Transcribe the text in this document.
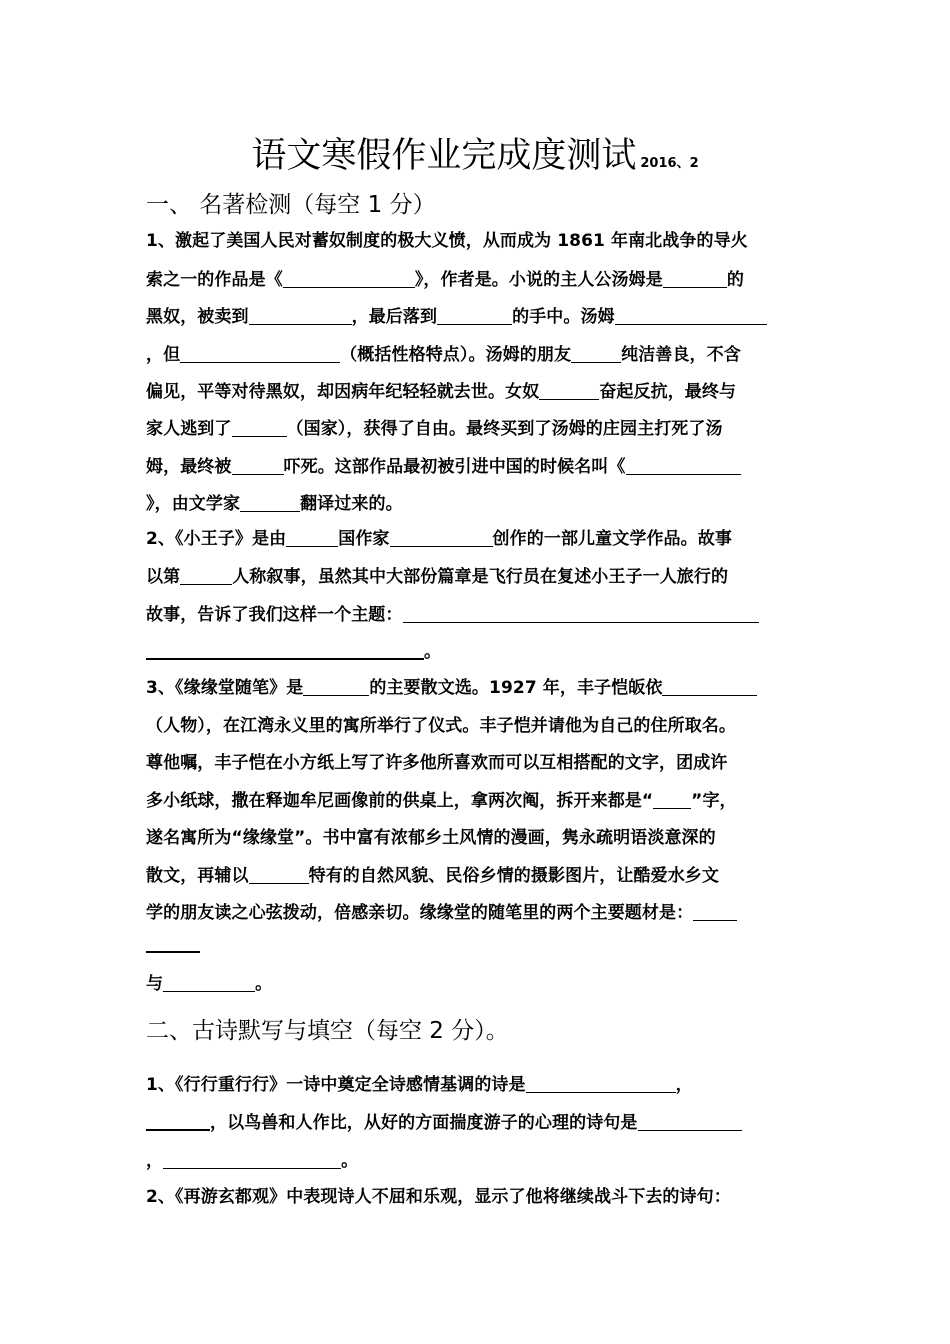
语文寒假作业完成度测试 2016、2
一、 名著检测（每空 1 分）
1、激起了美国人民对蓄奴制度的极大义愤，从而成为 1861 年南北战争的导火
索之一的作品是《	》，作者是。小说的主人公汤姆是	的
黑奴，被卖到	，最后落到	的手中。汤姆
，但	（概括性格特点）。汤姆的朋友	纯洁善良，不含
偏见，平等对待黑奴，却因病年纪轻轻就去世。女奴	奋起反抗，最终与
家人逃到了	（国家），获得了自由。最终买到了汤姆的庄园主打死了汤
姆，最终被	吓死。这部作品最初被引进中国的时候名叫《
》，由文学家	翻译过来的。
2、《小王子》是由	国作家	创作的一部儿童文学作品。故事
以第	人称叙事，虽然其中大部份篇章是飞行员在复述小王子一人旅行的
故事，告诉了我们这样一个主题：
。
3、《缘缘堂随笔》是	的主要散文选。1927 年，丰子恺皈依
（人物），在江湾永义里的寓所举行了仪式。丰子恺并请他为自己的住所取名。
尊他嘱，丰子恺在小方纸上写了许多他所喜欢而可以互相搭配的文字，团成许
多小纸球，撒在释迦牟尼画像前的供桌上，拿两次阄，拆开来都是“ ”字，
遂名寓所为“缘缘堂”。书中富有浓郁乡土风情的漫画，隽永疏明语淡意深的
散文，再辅以	特有的自然风貌、民俗乡情的摄影图片，让酷爱水乡文
学的朋友读之心弦拨动，倍感亲切。缘缘堂的随笔里的两个主要题材是：
与	。
二、古诗默写与填空（每空 2 分）。
1、《行行重行行》一诗中奠定全诗感情基调的诗是	，
，以鸟兽和人作比，从好的方面揣度游子的心理的诗句是
，	。
2、《再游玄都观》中表现诗人不屈和乐观，显示了他将继续战斗下去的诗句：
